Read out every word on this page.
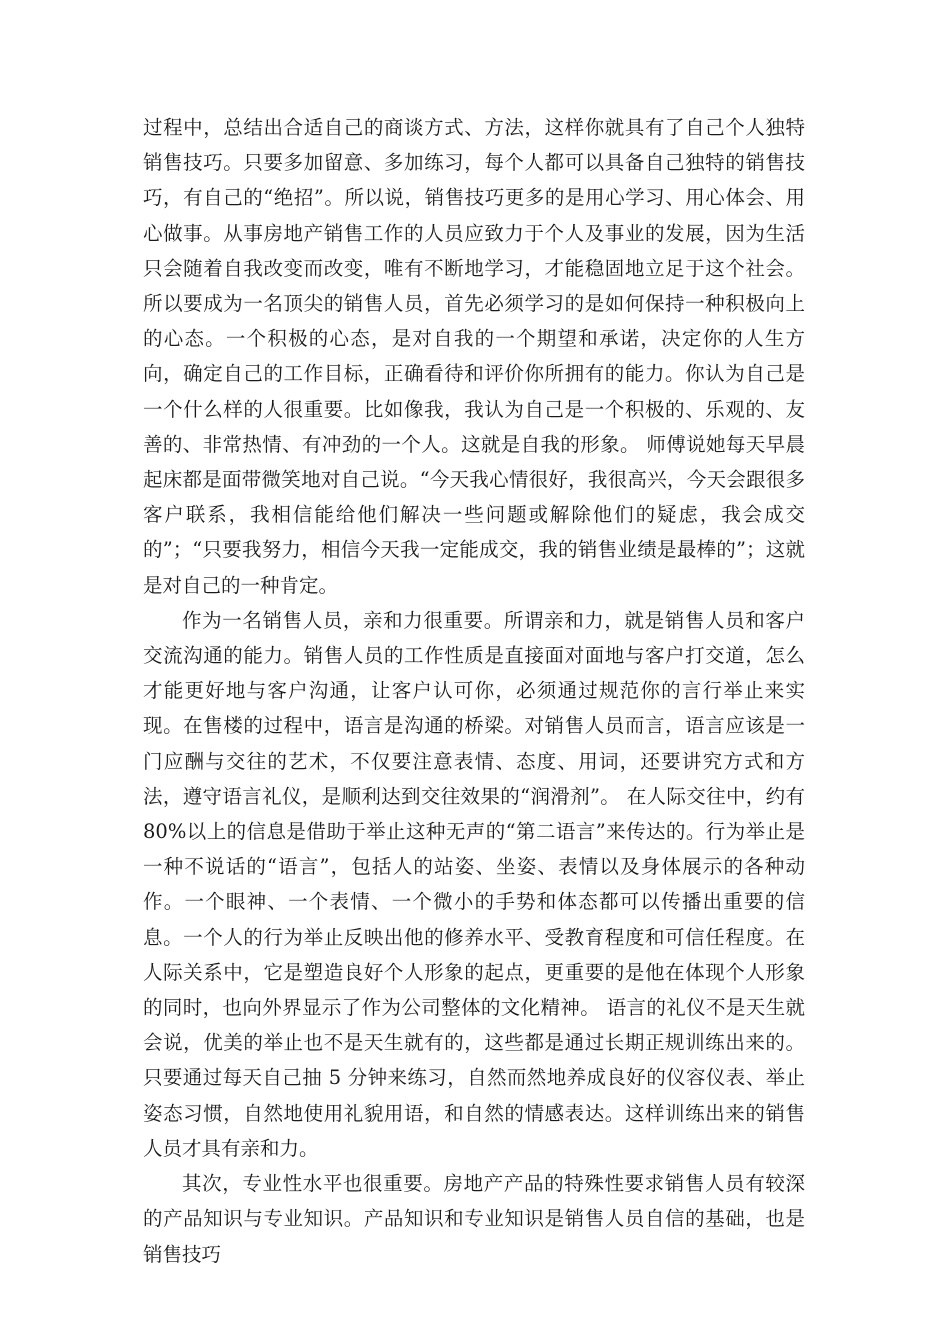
过程中，总结出合适自己的商谈方式、方法，这样你就具有了自己个人独特销售技巧。只要多加留意、多加练习，每个人都可以具备自己独特的销售技巧，有自己的“绝招”。所以说，销售技巧更多的是用心学习、用心体会、用心做事。从事房地产销售工作的人员应致力于个人及事业的发展，因为生活只会随着自我改变而改变，唯有不断地学习，才能稳固地立足于这个社会。所以要成为一名顶尖的销售人员，首先必须学习的是如何保持一种积极向上的心态。一个积极的心态，是对自我的一个期望和承诺，决定你的人生方向，确定自己的工作目标，正确看待和评价你所拥有的能力。你认为自己是一个什么样的人很重要。比如像我，我认为自己是一个积极的、乐观的、友善的、非常热情、有冲劲的一个人。这就是自我的形象。 师傅说她每天早晨起床都是面带微笑地对自己说。“今天我心情很好，我很高兴，今天会跟很多客户联系，我相信能给他们解决一些问题或解除他们的疑虑，我会成交的”；“只要我努力，相信今天我一定能成交，我的销售业绩是最棒的”；这就是对自己的一种肯定。

作为一名销售人员，亲和力很重要。所谓亲和力，就是销售人员和客户交流沟通的能力。销售人员的工作性质是直接面对面地与客户打交道，怎么才能更好地与客户沟通，让客户认可你，必须通过规范你的言行举止来实现。在售楼的过程中，语言是沟通的桥梁。对销售人员而言，语言应该是一门应酬与交往的艺术，不仅要注意表情、态度、用词，还要讲究方式和方法，遵守语言礼仪，是顺利达到交往效果的“润滑剂”。 在人际交往中，约有80%以上的信息是借助于举止这种无声的“第二语言”来传达的。行为举止是一种不说话的“语言”，包括人的站姿、坐姿、表情以及身体展示的各种动作。一个眼神、一个表情、一个微小的手势和体态都可以传播出重要的信息。一个人的行为举止反映出他的修养水平、受教育程度和可信任程度。在人际关系中，它是塑造良好个人形象的起点，更重要的是他在体现个人形象的同时，也向外界显示了作为公司整体的文化精神。 语言的礼仪不是天生就会说，优美的举止也不是天生就有的，这些都是通过长期正规训练出来的。只要通过每天自己抽 5 分钟来练习，自然而然地养成良好的仪容仪表、举止姿态习惯，自然地使用礼貌用语，和自然的情感表达。这样训练出来的销售人员才具有亲和力。

其次，专业性水平也很重要。房地产产品的特殊性要求销售人员有较深的产品知识与专业知识。产品知识和专业知识是销售人员自信的基础，也是销售技巧
